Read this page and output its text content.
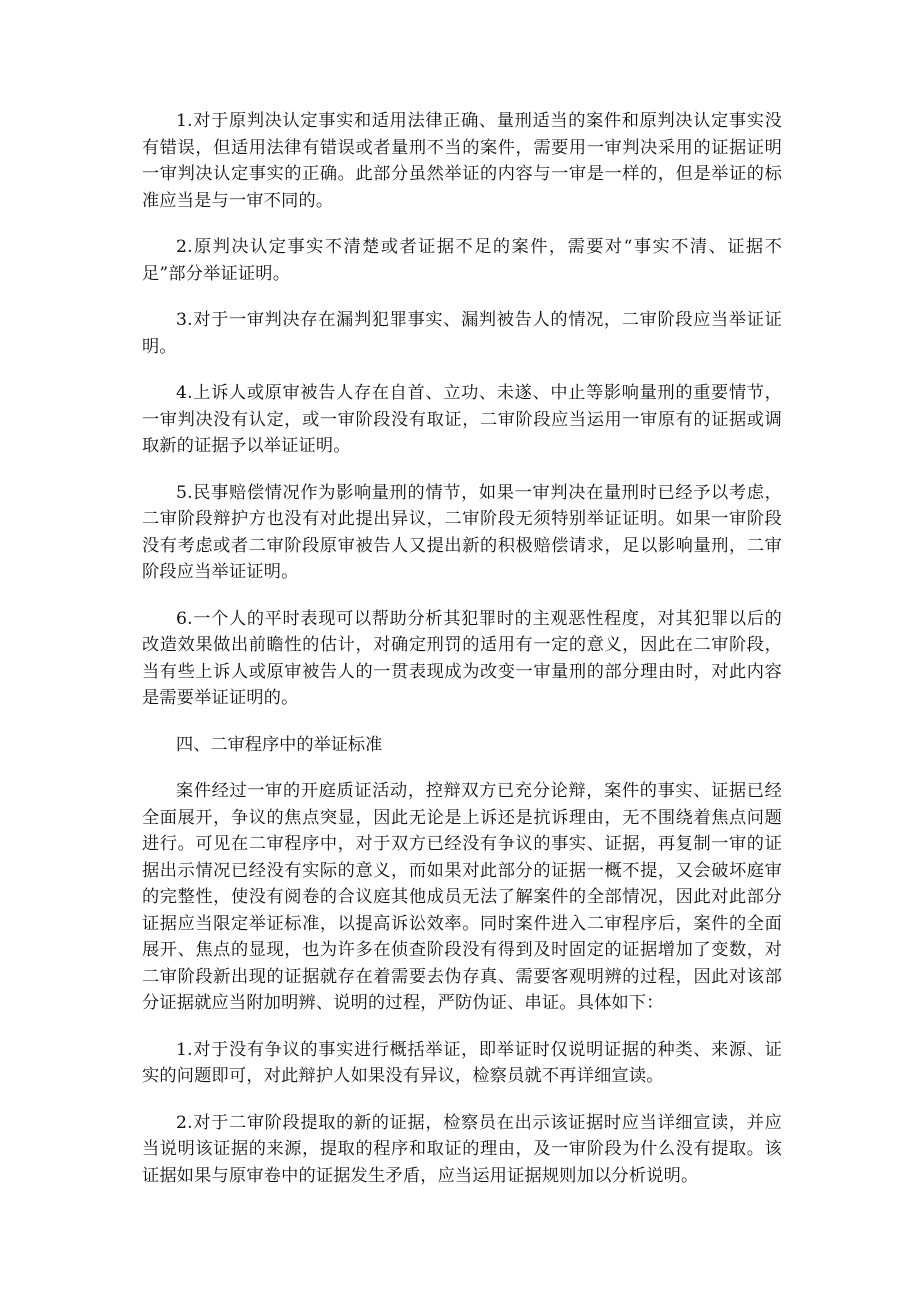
1.对于原判决认定事实和适用法律正确、量刑适当的案件和原判决认定事实没有错误，但适用法律有错误或者量刑不当的案件，需要用一审判决采用的证据证明一审判决认定事实的正确。此部分虽然举证的内容与一审是一样的，但是举证的标准应当是与一审不同的。

2.原判决认定事实不清楚或者证据不足的案件，需要对“事实不清、证据不足”部分举证证明。

3.对于一审判决存在漏判犯罪事实、漏判被告人的情况，二审阶段应当举证证明。

4.上诉人或原审被告人存在自首、立功、未遂、中止等影响量刑的重要情节，一审判决没有认定，或一审阶段没有取证，二审阶段应当运用一审原有的证据或调取新的证据予以举证证明。

5.民事赔偿情况作为影响量刑的情节，如果一审判决在量刑时已经予以考虑，二审阶段辩护方也没有对此提出异议，二审阶段无须特别举证证明。如果一审阶段没有考虑或者二审阶段原审被告人又提出新的积极赔偿请求，足以影响量刑，二审阶段应当举证证明。

6.一个人的平时表现可以帮助分析其犯罪时的主观恶性程度，对其犯罪以后的改造效果做出前瞻性的估计，对确定刑罚的适用有一定的意义，因此在二审阶段，当有些上诉人或原审被告人的一贯表现成为改变一审量刑的部分理由时，对此内容是需要举证证明的。

四、二审程序中的举证标准

案件经过一审的开庭质证活动，控辩双方已充分论辩，案件的事实、证据已经全面展开，争议的焦点突显，因此无论是上诉还是抗诉理由，无不围绕着焦点问题进行。可见在二审程序中，对于双方已经没有争议的事实、证据，再复制一审的证据出示情况已经没有实际的意义，而如果对此部分的证据一概不提，又会破坏庭审的完整性，使没有阅卷的合议庭其他成员无法了解案件的全部情况，因此对此部分证据应当限定举证标准，以提高诉讼效率。同时案件进入二审程序后，案件的全面展开、焦点的显现，也为许多在侦查阶段没有得到及时固定的证据增加了变数，对二审阶段新出现的证据就存在着需要去伪存真、需要客观明辨的过程，因此对该部分证据就应当附加明辨、说明的过程，严防伪证、串证。具体如下：

1.对于没有争议的事实进行概括举证，即举证时仅说明证据的种类、来源、证实的问题即可，对此辩护人如果没有异议，检察员就不再详细宣读。

2.对于二审阶段提取的新的证据，检察员在出示该证据时应当详细宣读，并应当说明该证据的来源，提取的程序和取证的理由，及一审阶段为什么没有提取。该证据如果与原审卷中的证据发生矛盾，应当运用证据规则加以分析说明。
